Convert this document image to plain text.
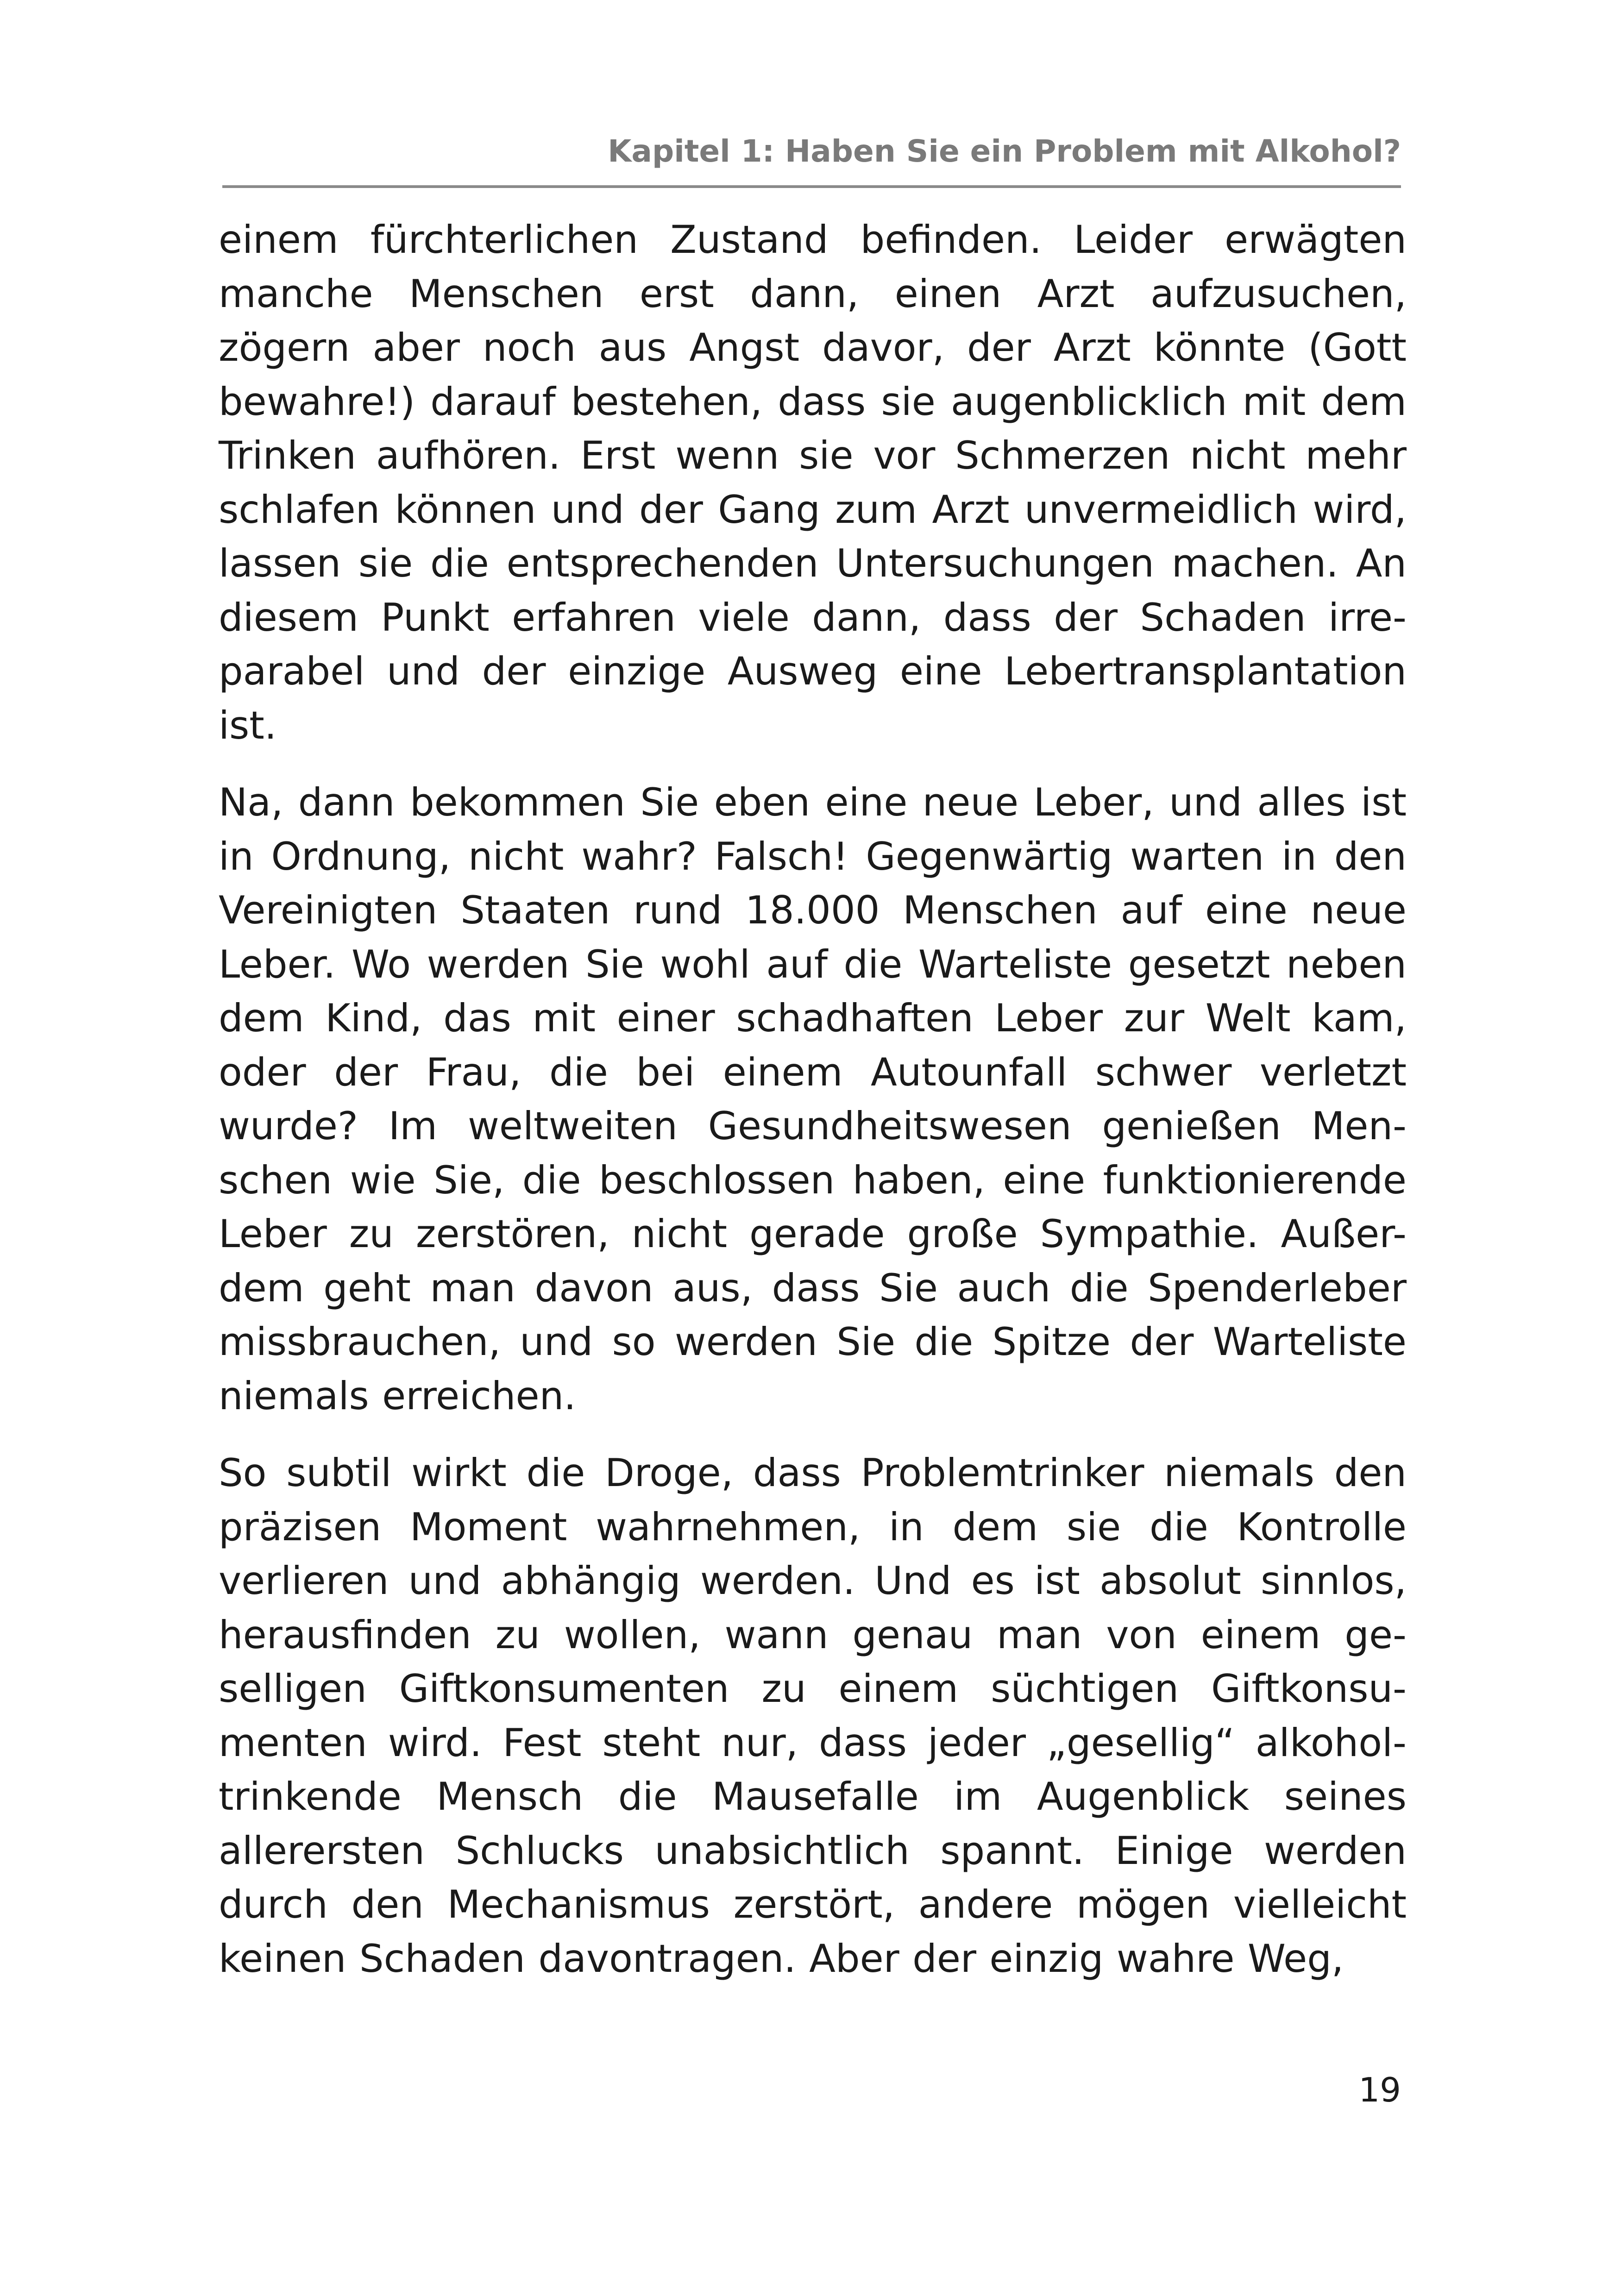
Kapitel 1: Haben Sie ein Problem mit Alkohol?

einem fürchterlichen Zustand befinden. Leider erwägten manche Menschen erst dann, einen Arzt aufzusuchen, zögern aber noch aus Angst davor, der Arzt könnte (Gott bewahre!) darauf bestehen, dass sie augenblicklich mit dem Trinken aufhören. Erst wenn sie vor Schmerzen nicht mehr schlafen können und der Gang zum Arzt unvermeidlich wird, lassen sie die entsprechenden Untersuchungen machen. An diesem Punkt erfahren viele dann, dass der Schaden irre-parabel und der einzige Ausweg eine Lebertransplantation ist.

Na, dann bekommen Sie eben eine neue Leber, und alles ist in Ordnung, nicht wahr? Falsch! Gegenwärtig warten in den Vereinigten Staaten rund 18.000 Menschen auf eine neue Leber. Wo werden Sie wohl auf die Warteliste gesetzt neben dem Kind, das mit einer schadhaften Leber zur Welt kam, oder der Frau, die bei einem Autounfall schwer verletzt wurde? Im weltweiten Gesundheitswesen genießen Men-schen wie Sie, die beschlossen haben, eine funktionierende Leber zu zerstören, nicht gerade große Sympathie. Außer-dem geht man davon aus, dass Sie auch die Spenderleber missbrauchen, und so werden Sie die Spitze der Warteliste niemals erreichen.

So subtil wirkt die Droge, dass Problemtrinker niemals den präzisen Moment wahrnehmen, in dem sie die Kontrolle verlieren und abhängig werden. Und es ist absolut sinnlos, herausfinden zu wollen, wann genau man von einem ge-selligen Giftkonsumenten zu einem süchtigen Giftkonsu-menten wird. Fest steht nur, dass jeder „gesellig“ alkohol-trinkende Mensch die Mausefalle im Augenblick seines allerersten Schlucks unabsichtlich spannt. Einige werden durch den Mechanismus zerstört, andere mögen vielleicht keinen Schaden davontragen. Aber der einzig wahre Weg,

19
